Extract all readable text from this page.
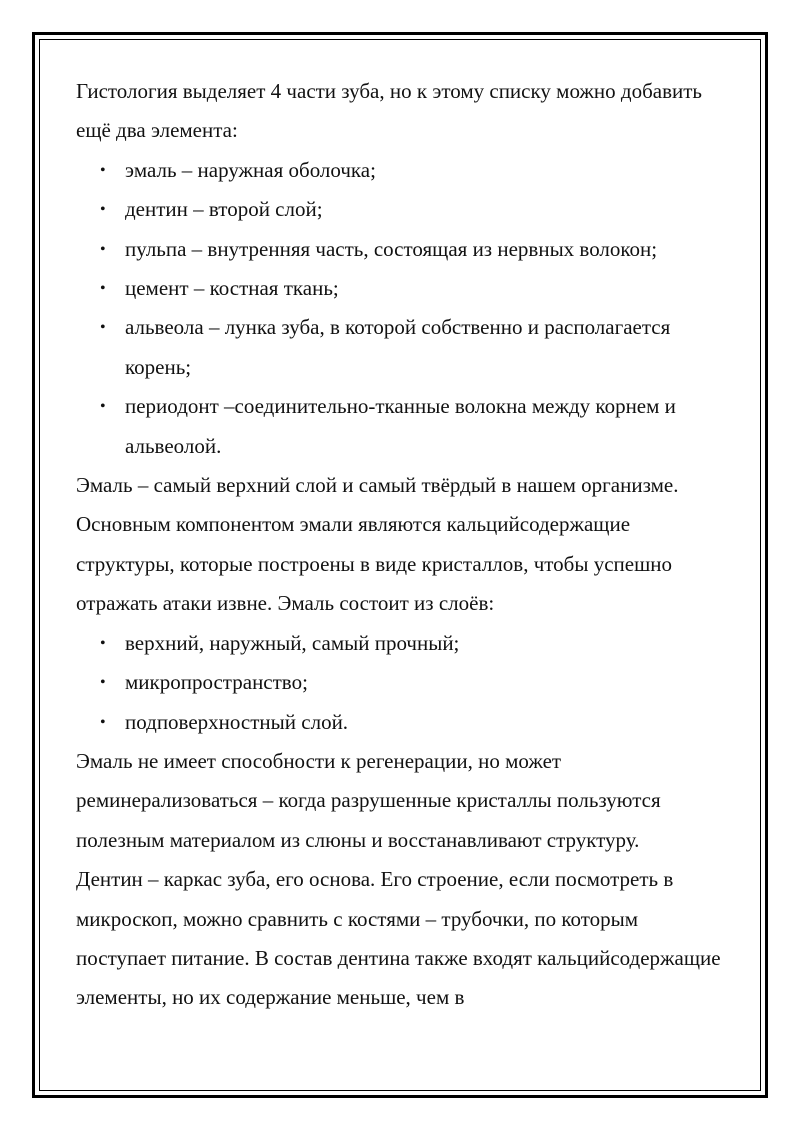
Гистология выделяет 4 части зуба, но к этому списку можно добавить ещё два элемента:

• эмаль – наружная оболочка;
• дентин – второй слой;
• пульпа – внутренняя часть, состоящая из нервных волокон;
• цемент – костная ткань;
• альвеола – лунка зуба, в которой собственно и располагается корень;
• периодонт –соединительно-тканные волокна между корнем и альвеолой.

Эмаль – самый верхний слой и самый твёрдый в нашем организме. Основным компонентом эмали являются кальцийсодержащие структуры, которые построены в виде кристаллов, чтобы успешно отражать атаки извне. Эмаль состоит из слоёв:

• верхний, наружный, самый прочный;
• микропространство;
• подповерхностный слой.

Эмаль не имеет способности к регенерации, но может реминерализоваться – когда разрушенные кристаллы пользуются полезным материалом из слюны и восстанавливают структуру.

Дентин – каркас зуба, его основа. Его строение, если посмотреть в микроскоп, можно сравнить с костями – трубочки, по которым поступает питание. В состав дентина также входят кальцийсодержащие элементы, но их содержание меньше, чем в
